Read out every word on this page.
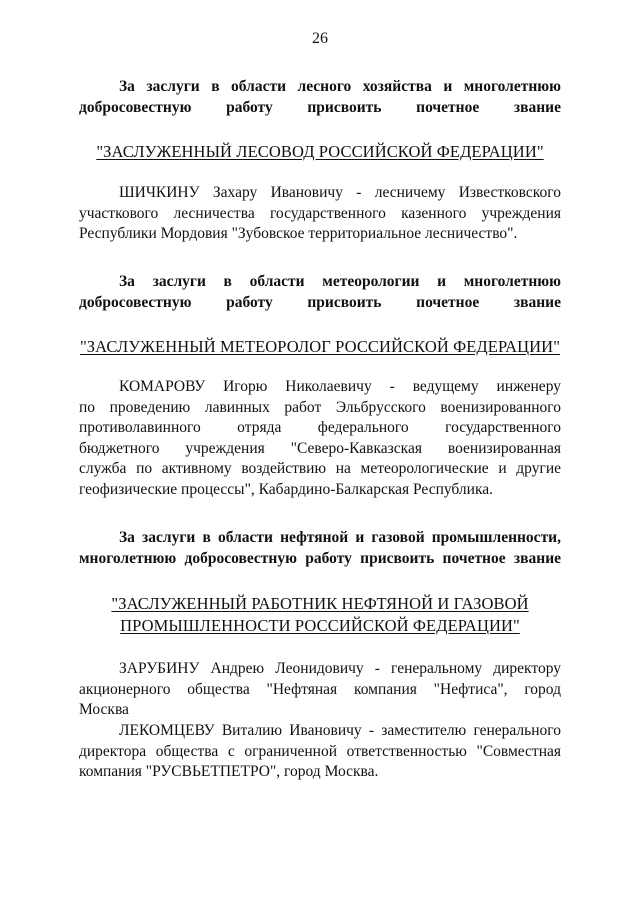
26
За заслуги в области лесного хозяйства и многолетнюю
добросовестную работу присвоить почетное звание
"ЗАСЛУЖЕННЫЙ ЛЕСОВОД РОССИЙСКОЙ ФЕДЕРАЦИИ"
ШИЧКИНУ Захару Ивановичу - лесничему Известковского
участкового лесничества государственного казенного учреждения
Республики Мордовия "Зубовское территориальное лесничество".
За заслуги в области метеорологии и многолетнюю
добросовестную работу присвоить почетное звание
"ЗАСЛУЖЕННЫЙ МЕТЕОРОЛОГ РОССИЙСКОЙ ФЕДЕРАЦИИ"
КОМАРОВУ Игорю Николаевичу - ведущему инженеру
по проведению лавинных работ Эльбрусского военизированного
противолавинного отряда федерального государственного
бюджетного учреждения "Северо-Кавказская военизированная
служба по активному воздействию на метеорологические и другие
геофизические процессы", Кабардино-Балкарская Республика.
За заслуги в области нефтяной и газовой промышленности,
многолетнюю добросовестную работу присвоить почетное звание
"ЗАСЛУЖЕННЫЙ РАБОТНИК НЕФТЯНОЙ И ГАЗОВОЙ
ПРОМЫШЛЕННОСТИ РОССИЙСКОЙ ФЕДЕРАЦИИ"
ЗАРУБИНУ Андрею Леонидовичу - генеральному директору
акционерного общества "Нефтяная компания "Нефтиса", город
Москва
ЛЕКОМЦЕВУ Виталию Ивановичу - заместителю генерального
директора общества с ограниченной ответственностью "Совместная
компания "РУСВЬЕТПЕТРО", город Москва.
